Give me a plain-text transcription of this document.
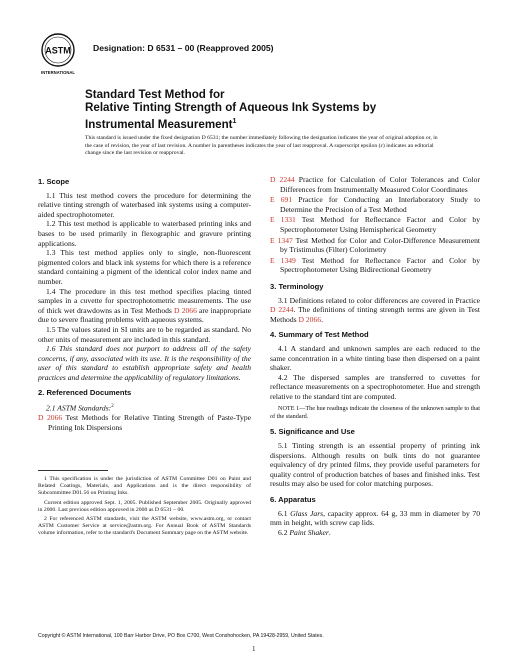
ASTM
INTERNATIONAL
Designation: D 6531 – 00 (Reapproved 2005)
Standard Test Method for
Relative Tinting Strength of Aqueous Ink Systems by
Instrumental Measurement$^1$
This standard is issued under the fixed designation D 6531; the number immediately following the designation indicates the year of original adoption or, in the case of revision, the year of last revision. A number in parentheses indicates the year of last reapproval. A superscript epsilon (ε) indicates an editorial change since the last revision or reapproval.
1. Scope
1.1 This test method covers the procedure for determining the relative tinting strength of waterbased ink systems using a computer-aided spectrophotometer.
1.2 This test method is applicable to waterbased printing inks and bases to be used primarily in flexographic and gravure printing applications.
1.3 This test method applies only to single, non-fluorescent pigmented colors and black ink systems for which there is a reference standard containing a pigment of the identical color index name and number.
1.4 The procedure in this test method specifies placing tinted samples in a cuvette for spectrophotometric measurements. The use of thick wet drawdowns as in Test Methods D 2066 are inappropriate due to severe floating problems with aqueous systems.
1.5 The values stated in SI units are to be regarded as standard. No other units of measurement are included in this standard.
1.6 This standard does not purport to address all of the safety concerns, if any, associated with its use. It is the responsibility of the user of this standard to establish appropriate safety and health practices and determine the applicability of regulatory limitations.
2. Referenced Documents
2.1 ASTM Standards:$^2$
D 2066 Test Methods for Relative Tinting Strength of Paste-Type Printing Ink Dispersions
1 This specification is under the jurisdiction of ASTM Committee D01 on Paint and Related Coatings, Materials, and Applications and is the direct responsibility of Subcommittee D01.56 on Printing Inks.
Current edition approved Sept. 1, 2005. Published September 2005. Originally approved in 2000. Last previous edition approved in 2000 as D 6531 – 00.
2 For referenced ASTM standards, visit the ASTM website, www.astm.org, or contact ASTM Customer Service at service@astm.org. For Annual Book of ASTM Standards volume information, refer to the standard's Document Summary page on the ASTM website.
D 2244 Practice for Calculation of Color Tolerances and Color Differences from Instrumentally Measured Color Coordinates
E 691 Practice for Conducting an Interlaboratory Study to Determine the Precision of a Test Method
E 1331 Test Method for Reflectance Factor and Color by Spectrophotometer Using Hemispherical Geometry
E 1347 Test Method for Color and Color-Difference Measurement by Tristimulus (Filter) Colorimetry
E 1349 Test Method for Reflectance Factor and Color by Spectrophotometer Using Bidirectional Geometry
3. Terminology
3.1 Definitions related to color differences are covered in Practice D 2244. The definitions of tinting strength terms are given in Test Methods D 2066.
4. Summary of Test Method
4.1 A standard and unknown samples are each reduced to the same concentration in a white tinting base then dispersed on a paint shaker.
4.2 The dispersed samples are transferred to cuvettes for reflectance measurements on a spectrophotometer. Hue and strength relative to the standard tint are computed.
NOTE 1—The hue readings indicate the closeness of the unknown sample to that of the standard.
5. Significance and Use
5.1 Tinting strength is an essential property of printing ink dispersions. Although results on bulk tints do not guarantee equivalency of dry printed films, they provide useful parameters for quality control of production batches of bases and finished inks. Test results may also be used for color matching purposes.
6. Apparatus
6.1 Glass Jars, capacity approx. 64 g, 33 mm in diameter by 70 mm in height, with screw cap lids.
6.2 Paint Shaker.
Copyright © ASTM International, 100 Barr Harbor Drive, PO Box C700, West Conshohocken, PA 19428-2959, United States.
1
